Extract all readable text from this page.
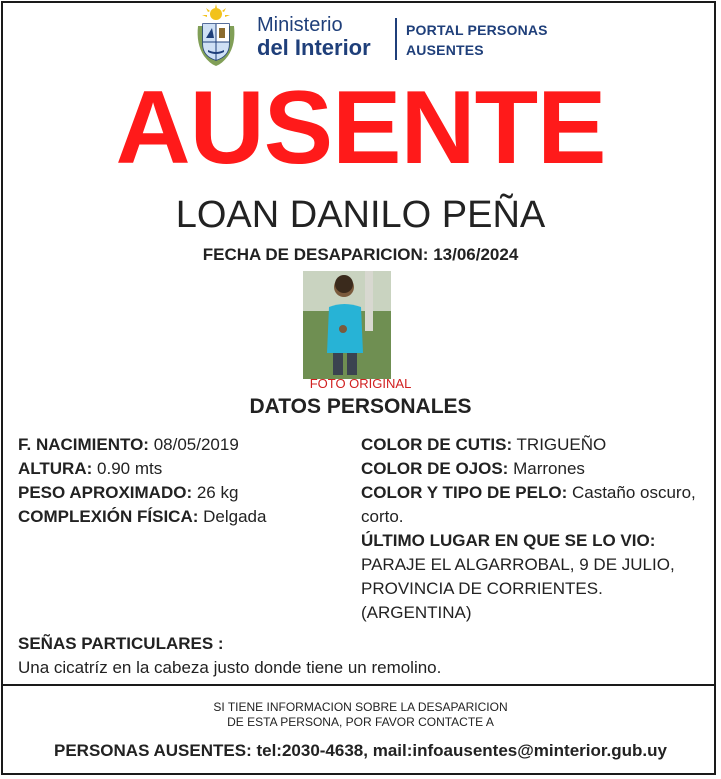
Ministerio
del Interior
PORTAL PERSONAS
AUSENTES
AUSENTE
LOAN DANILO PEÑA
FECHA DE DESAPARICION: 13/06/2024
FOTO ORIGINAL
DATOS PERSONALES
F. NACIMIENTO: 08/05/2019
ALTURA: 0.90 mts
PESO APROXIMADO: 26 kg
COMPLEXIÓN FÍSICA: Delgada
COLOR DE CUTIS: TRIGUEÑO
COLOR DE OJOS: Marrones
COLOR Y TIPO DE PELO: Castaño oscuro, corto.
ÚLTIMO LUGAR EN QUE SE LO VIO:
PARAJE EL ALGARROBAL, 9 DE JULIO, PROVINCIA DE CORRIENTES. (ARGENTINA)
SEÑAS PARTICULARES :
Una cicatríz en la cabeza justo donde tiene un remolino.
SI TIENE INFORMACION SOBRE LA DESAPARICION
DE ESTA PERSONA, POR FAVOR CONTACTE A
PERSONAS AUSENTES: tel:2030-4638, mail:infoausentes@minterior.gub.uy
